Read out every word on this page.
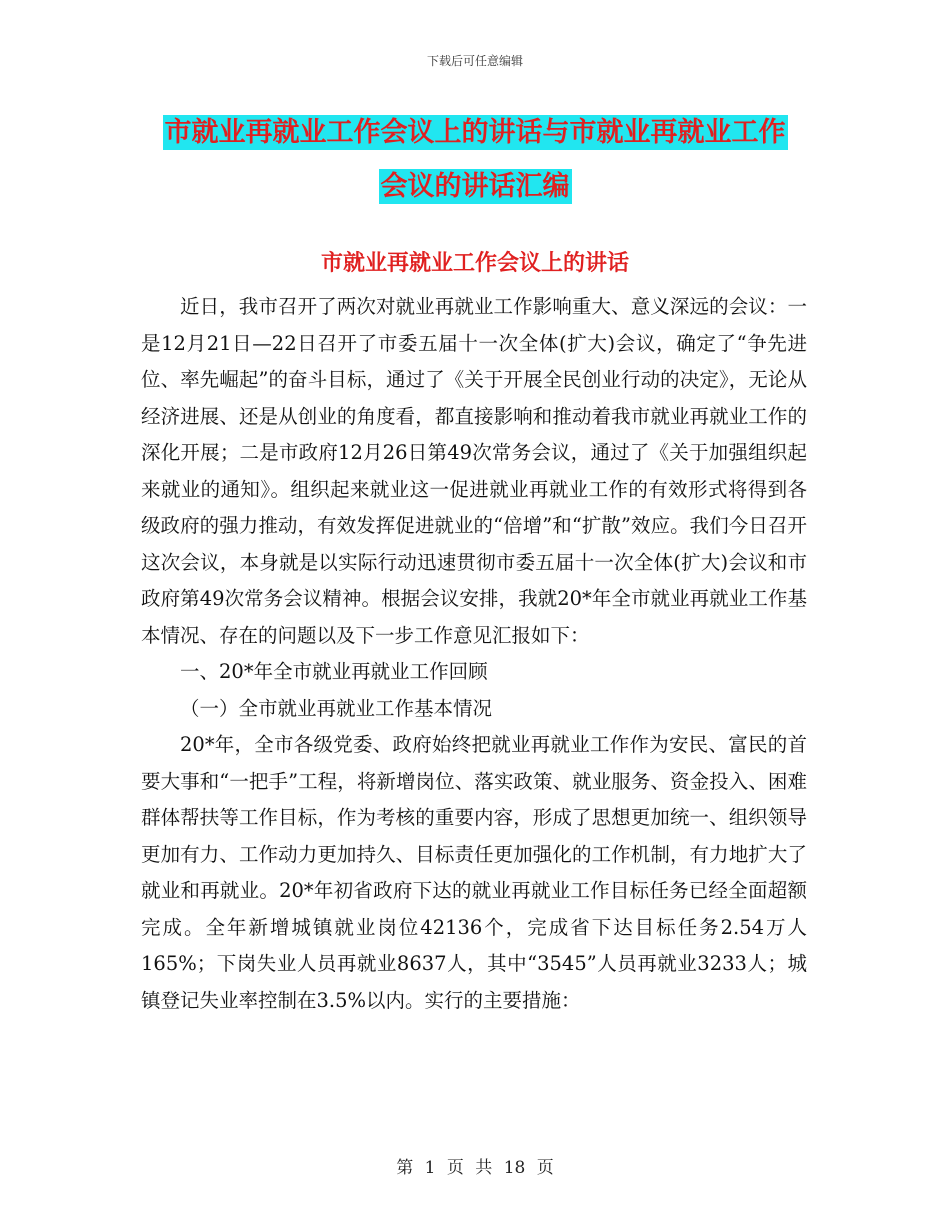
下载后可任意编辑
市就业再就业工作会议上的讲话与市就业再就业工作
会议的讲话汇编
市就业再就业工作会议上的讲话

近日，我市召开了两次对就业再就业工作影响重大、意义深远的会议：一是12月21日—22日召开了市委五届十一次全体(扩大)会议，确定了“争先进位、率先崛起”的奋斗目标，通过了《关于开展全民创业行动的决定》，无论从经济进展、还是从创业的角度看，都直接影响和推动着我市就业再就业工作的深化开展；二是市政府12月26日第49次常务会议，通过了《关于加强组织起来就业的通知》。组织起来就业这一促进就业再就业工作的有效形式将得到各级政府的强力推动，有效发挥促进就业的“倍增”和“扩散”效应。我们今日召开这次会议，本身就是以实际行动迅速贯彻市委五届十一次全体(扩大)会议和市政府第49次常务会议精神。根据会议安排，我就20*年全市就业再就业工作基本情况、存在的问题以及下一步工作意见汇报如下：

一、20*年全市就业再就业工作回顾

（一）全市就业再就业工作基本情况

20*年，全市各级党委、政府始终把就业再就业工作作为安民、富民的首要大事和“一把手”工程，将新增岗位、落实政策、就业服务、资金投入、困难群体帮扶等工作目标，作为考核的重要内容，形成了思想更加统一、组织领导更加有力、工作动力更加持久、目标责任更加强化的工作机制，有力地扩大了就业和再就业。20*年初省政府下达的就业再就业工作目标任务已经全面超额完成。全年新增城镇就业岗位42136个，完成省下达目标任务2.54万人165%；下岗失业人员再就业8637人，其中“3545”人员再就业3233人；城镇登记失业率控制在3.5%以内。实行的主要措施：

第 1 页 共 18 页
